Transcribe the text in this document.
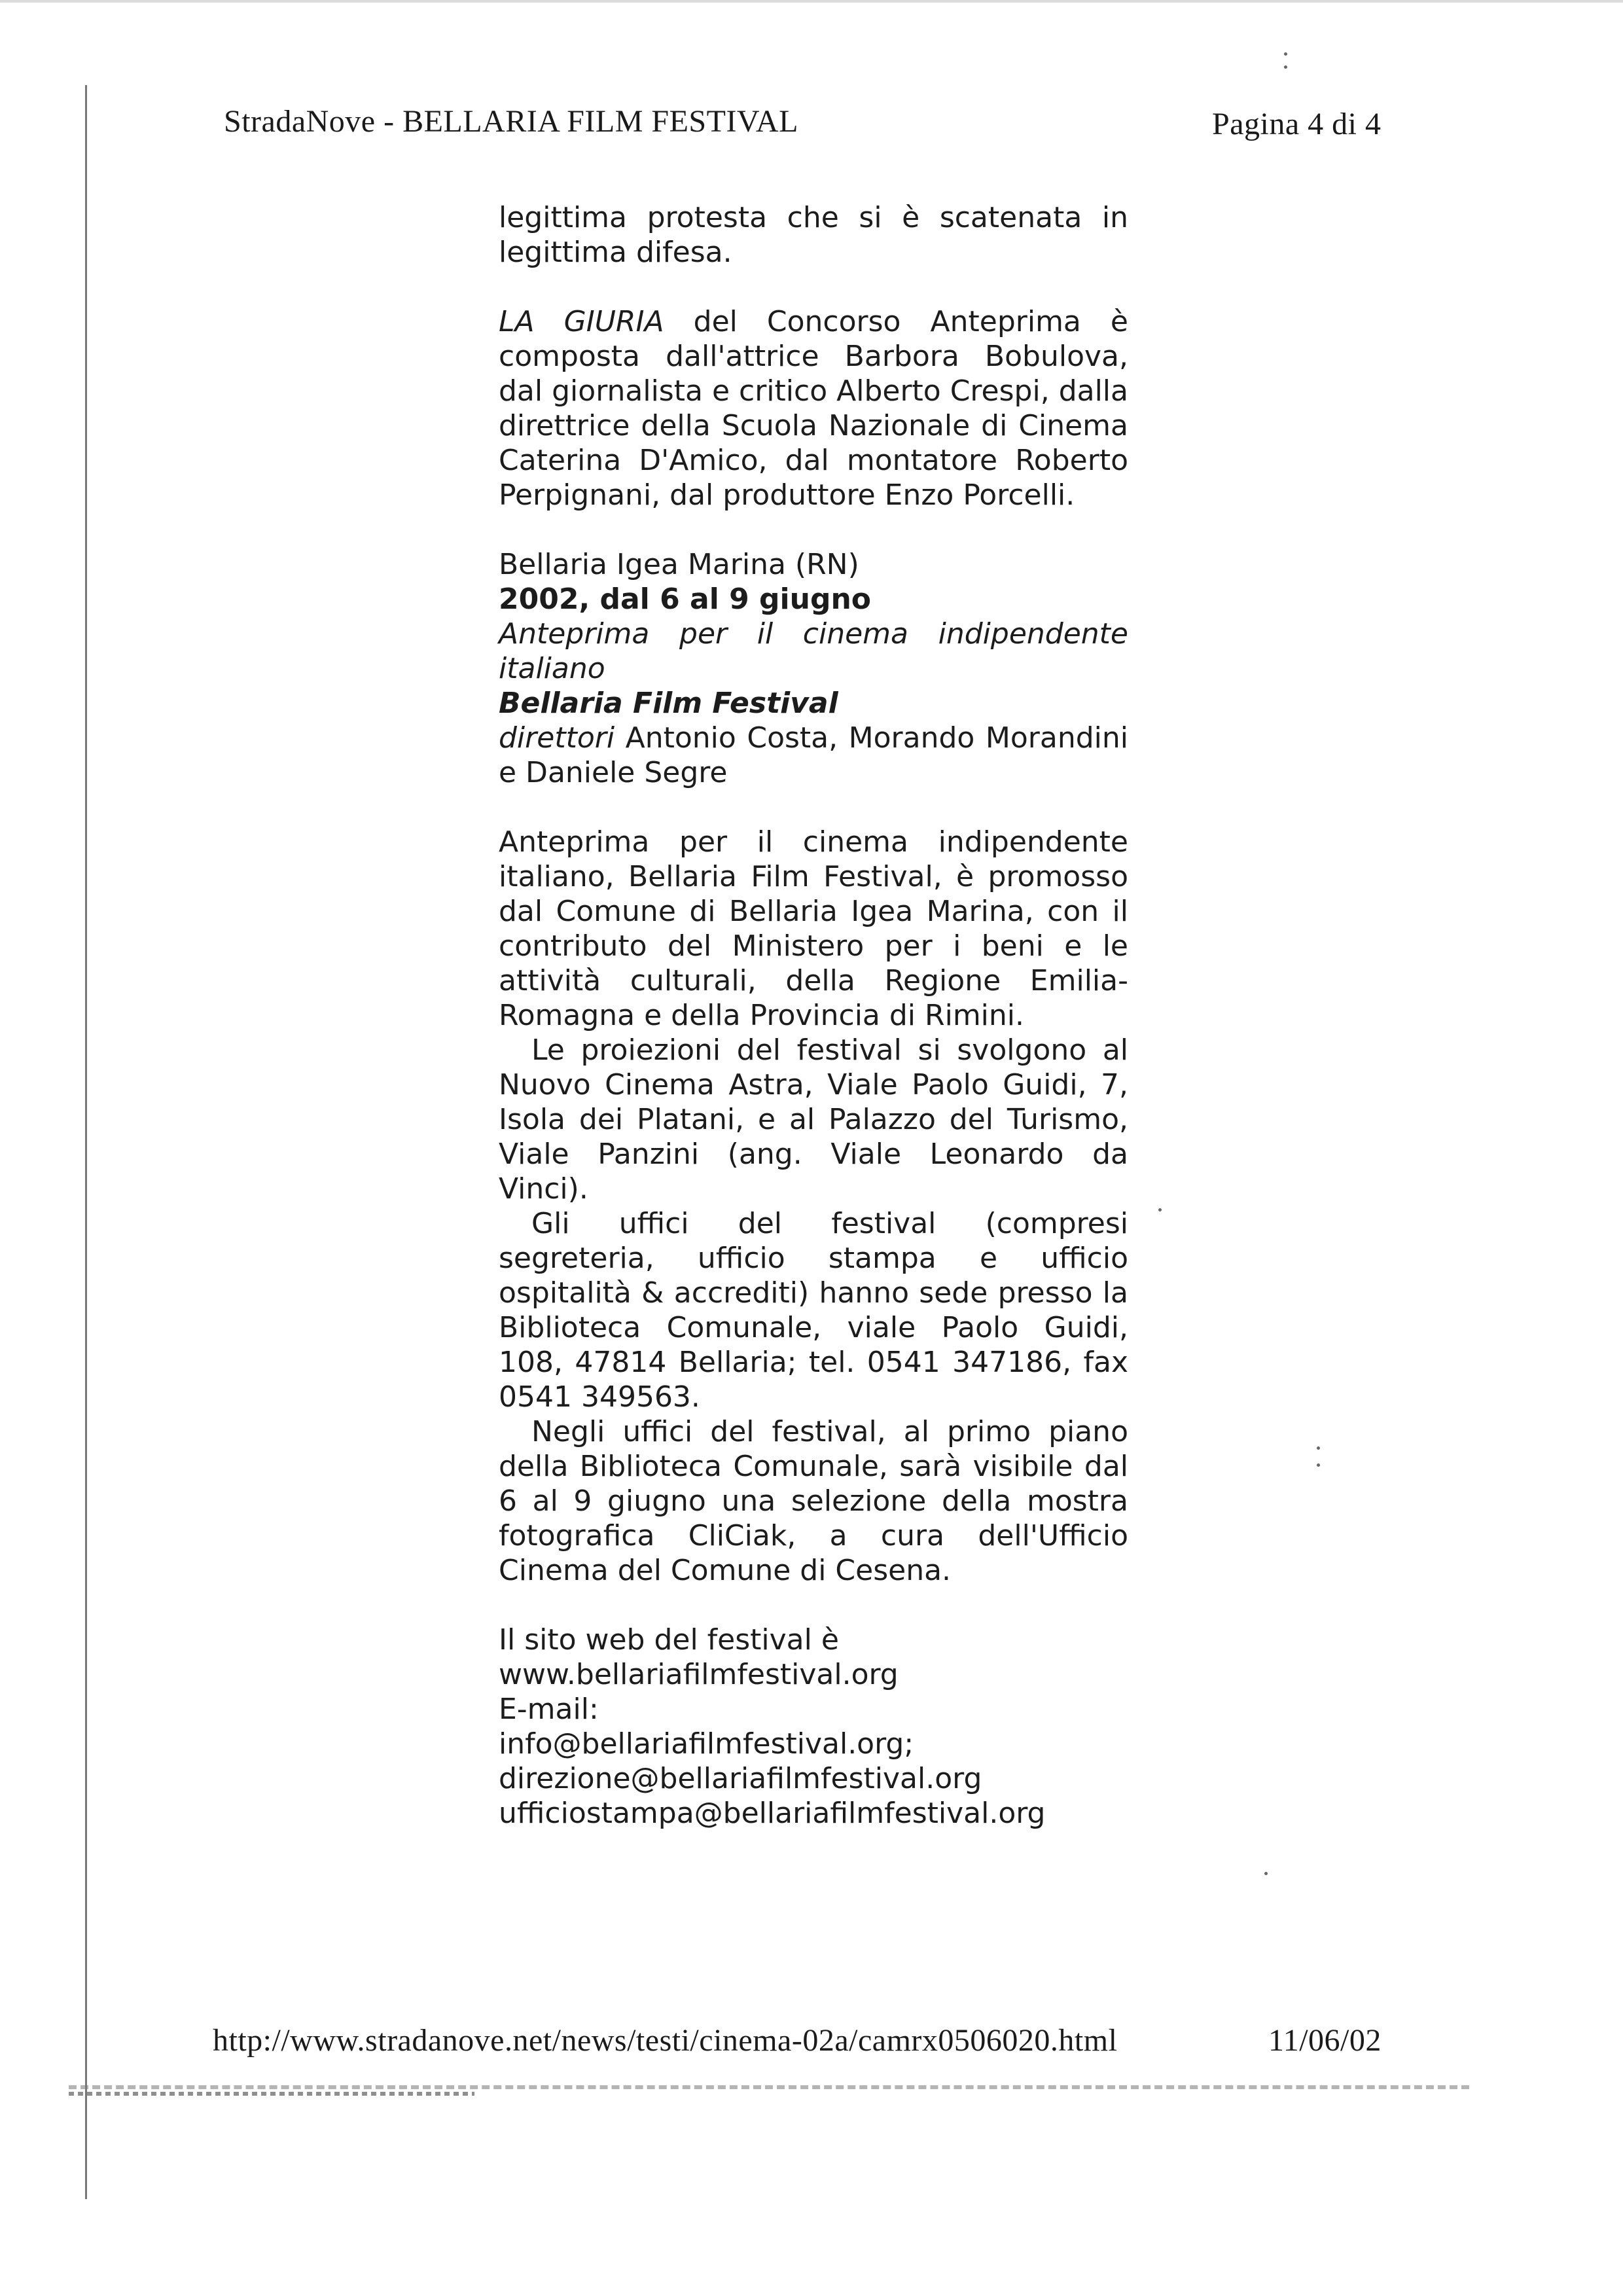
StradaNove - BELLARIA FILM FESTIVAL	Pagina 4 di 4
legittima protesta che si è scatenata in
legittima difesa.
LA GIURIA del Concorso Anteprima è
composta dall'attrice Barbora Bobulova,
dal giornalista e critico Alberto Crespi, dalla
direttrice della Scuola Nazionale di Cinema
Caterina D'Amico, dal montatore Roberto
Perpignani, dal produttore Enzo Porcelli.
Bellaria Igea Marina (RN)
2002, dal 6 al 9 giugno
Anteprima per il cinema indipendente
italiano
Bellaria Film Festival
direttori Antonio Costa, Morando Morandini
e Daniele Segre
Anteprima per il cinema indipendente
italiano, Bellaria Film Festival, è promosso
dal Comune di Bellaria Igea Marina, con il
contributo del Ministero per i beni e le
attività culturali, della Regione Emilia-
Romagna e della Provincia di Rimini.
Le proiezioni del festival si svolgono al
Nuovo Cinema Astra, Viale Paolo Guidi, 7,
Isola dei Platani, e al Palazzo del Turismo,
Viale Panzini (ang. Viale Leonardo da
Vinci).
Gli uffici del festival (compresi
segreteria, ufficio stampa e ufficio
ospitalità & accrediti) hanno sede presso la
Biblioteca Comunale, viale Paolo Guidi,
108, 47814 Bellaria; tel. 0541 347186, fax
0541 349563.
Negli uffici del festival, al primo piano
della Biblioteca Comunale, sarà visibile dal
6 al 9 giugno una selezione della mostra
fotografica CliCiak, a cura dell'Ufficio
Cinema del Comune di Cesena.
Il sito web del festival è
www.bellariafilmfestival.org
E-mail:
info@bellariafilmfestival.org;
direzione@bellariafilmfestival.org
ufficiostampa@bellariafilmfestival.org
http://www.stradanove.net/news/testi/cinema-02a/camrx0506020.html	11/06/02
